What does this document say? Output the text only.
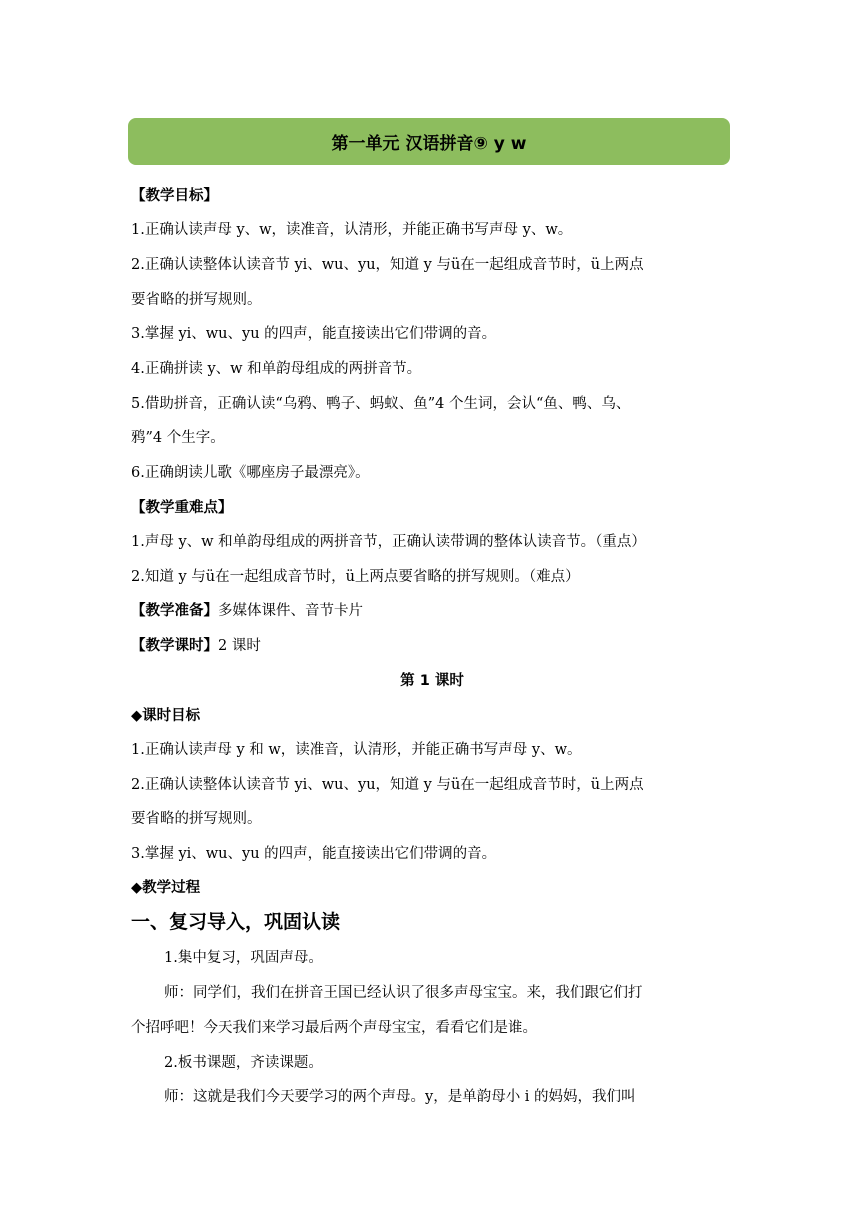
第一单元 汉语拼音⑨ y w
【教学目标】
1.正确认读声母 y、w，读准音，认清形，并能正确书写声母 y、w。
2.正确认读整体认读音节 yi、wu、yu，知道 y 与ü在一起组成音节时，ü上两点
要省略的拼写规则。
3.掌握 yi、wu、yu 的四声，能直接读出它们带调的音。
4.正确拼读 y、w 和单韵母组成的两拼音节。
5.借助拼音，正确认读“乌鸦、鸭子、蚂蚁、鱼”4 个生词，会认“鱼、鸭、乌、
鸦”4 个生字。
6.正确朗读儿歌《哪座房子最漂亮》。
【教学重难点】
1.声母 y、w 和单韵母组成的两拼音节，正确认读带调的整体认读音节。（重点）
2.知道 y 与ü在一起组成音节时，ü上两点要省略的拼写规则。（难点）
【教学准备】多媒体课件、音节卡片
【教学课时】2 课时
第 1 课时
◆课时目标
1.正确认读声母 y 和 w，读准音，认清形，并能正确书写声母 y、w。
2.正确认读整体认读音节 yi、wu、yu，知道 y 与ü在一起组成音节时，ü上两点
要省略的拼写规则。
3.掌握 yi、wu、yu 的四声，能直接读出它们带调的音。
◆教学过程
一、复习导入，巩固认读
1.集中复习，巩固声母。
师：同学们，我们在拼音王国已经认识了很多声母宝宝。来，我们跟它们打
个招呼吧！今天我们来学习最后两个声母宝宝，看看它们是谁。
2.板书课题，齐读课题。
师：这就是我们今天要学习的两个声母。y，是单韵母小 i 的妈妈，我们叫
